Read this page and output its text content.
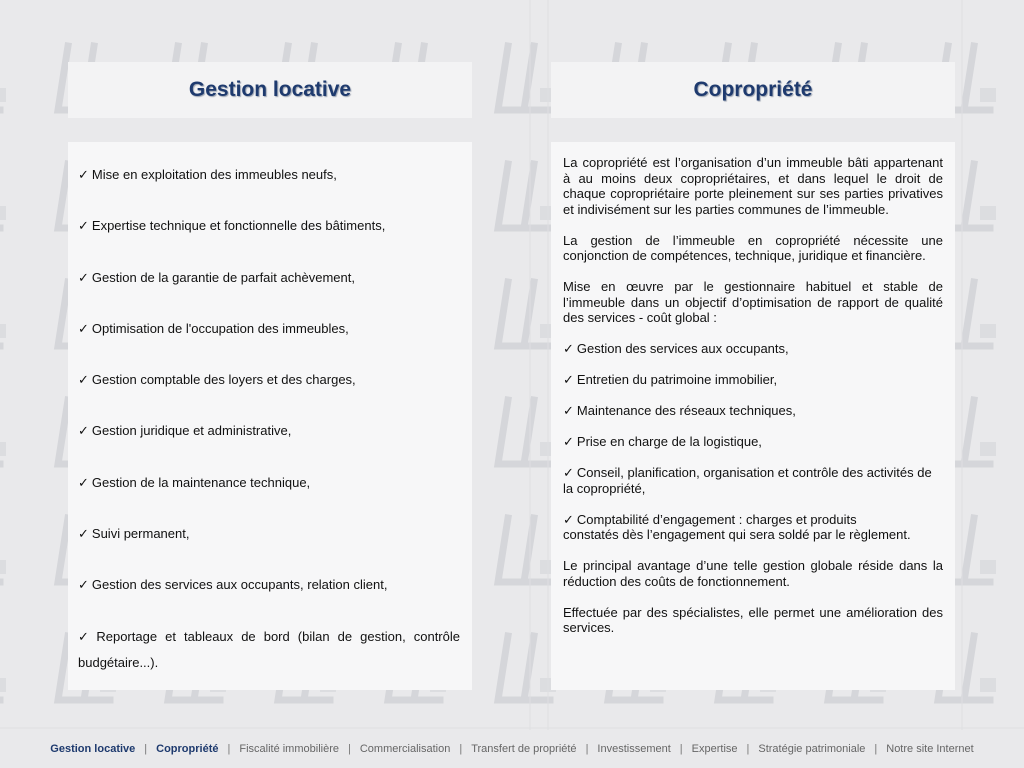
Gestion locative	Copropriété

✓ Mise en exploitation des immeubles neufs,

✓ Expertise technique et fonctionnelle des bâtiments,

✓ Gestion de la garantie de parfait achèvement,

✓ Optimisation de l'occupation des immeubles,

✓ Gestion comptable des loyers et des charges,

✓ Gestion juridique et administrative,

✓ Gestion de la maintenance technique,

✓ Suivi permanent,

✓ Gestion des services aux occupants, relation client,

✓ Reportage et tableaux de bord (bilan de gestion, contrôle budgétaire...).

La copropriété est l’organisation d’un immeuble bâti appartenant à au moins deux copropriétaires, et dans lequel le droit de chaque copropriétaire porte pleinement sur ses parties privatives et indivisément sur les parties communes de l’immeuble.

La gestion de l’immeuble en copropriété nécessite une conjonction de compétences, technique, juridique et financière.

Mise en œuvre par le gestionnaire habituel et stable de l’immeuble dans un objectif d’optimisation de rapport de qualité des services - coût global :

✓ Gestion des services aux occupants,

✓ Entretien du patrimoine immobilier,

✓ Maintenance des réseaux techniques,

✓ Prise en charge de la logistique,

✓ Conseil, planification, organisation et contrôle des activités de la copropriété,

✓ Comptabilité d’engagement : charges et produits
constatés dès l’engagement qui sera soldé par le règlement.

Le principal avantage d’une telle gestion globale réside dans la réduction des coûts de fonctionnement.

Effectuée par des spécialistes, elle permet une amélioration des services.

Gestion locative | Copropriété | Fiscalité immobilière | Commercialisation | Transfert de propriété | Investissement | Expertise | Stratégie patrimoniale | Notre site Internet
